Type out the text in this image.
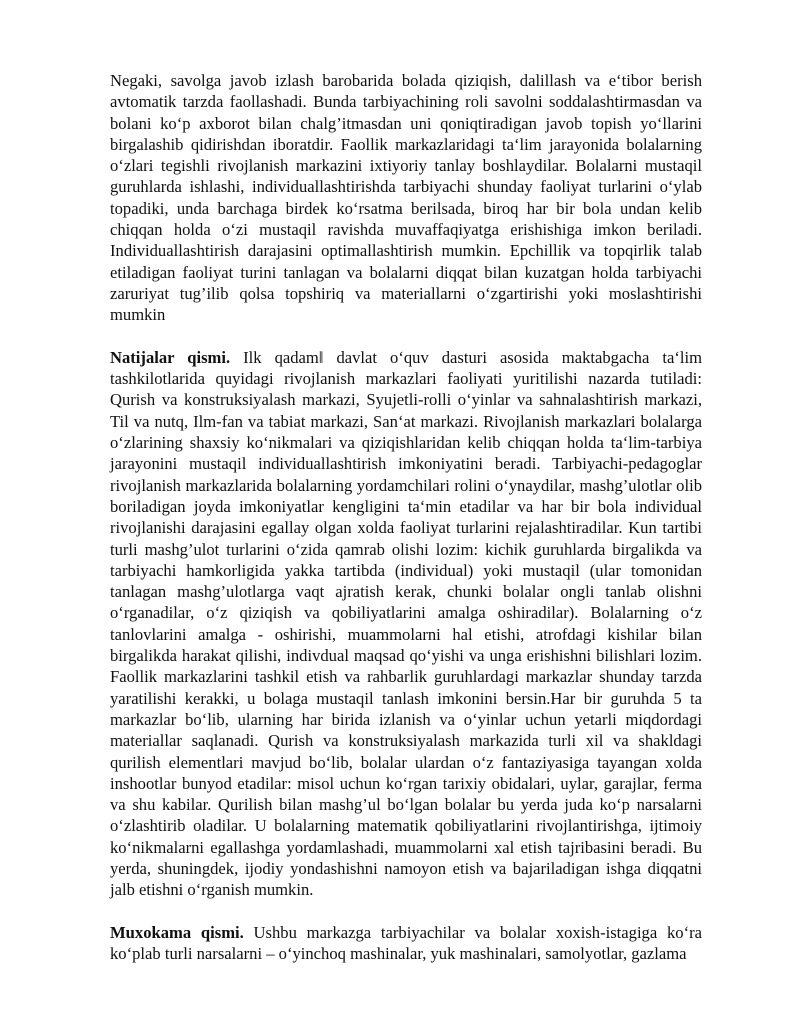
Negaki, savolga javob izlash barobarida bolada qiziqish, dalillash va e‘tibor berish avtomatik tarzda faollashadi. Bunda tarbiyachining roli savolni soddalashtirmasdan va bolani ko‘p axborot bilan chalg’itmasdan uni qoniqtiradigan javob topish yo‘llarini birgalashib qidirishdan iboratdir. Faollik markazlaridagi ta‘lim jarayonida bolalarning o‘zlari tegishli rivojlanish markazini ixtiyoriy tanlay boshlaydilar. Bolalarni mustaqil guruhlarda ishlashi, individuallashtirishda tarbiyachi shunday faoliyat turlarini o‘ylab topadiki, unda barchaga birdek ko‘rsatma berilsada, biroq har bir bola undan kelib chiqqan holda o‘zi mustaqil ravishda muvaffaqiyatga erishishiga imkon beriladi. Individuallashtirish darajasini optimallashtirish mumkin. Epchillik va topqirlik talab etiladigan faoliyat turini tanlagan va bolalarni diqqat bilan kuzatgan holda tarbiyachi zaruriyat tug’ilib qolsa topshiriq va materiallarni o‘zgartirishi yoki moslashtirishi mumkin

Natijalar qismi. Ilk qadam‖ davlat o‘quv dasturi asosida maktabgacha ta‘lim tashkilotlarida quyidagi rivojlanish markazlari faoliyati yuritilishi nazarda tutiladi: Qurish va konstruksiyalash markazi, Syujetli-rolli o‘yinlar va sahnalashtirish markazi, Til va nutq, Ilm-fan va tabiat markazi, San‘at markazi. Rivojlanish markazlari bolalarga o‘zlarining shaxsiy ko‘nikmalari va qiziqishlaridan kelib chiqqan holda ta‘lim-tarbiya jarayonini mustaqil individuallashtirish imkoniyatini beradi. Tarbiyachi-pedagoglar rivojlanish markazlarida bolalarning yordamchilari rolini o‘ynaydilar, mashg’ulotlar olib boriladigan joyda imkoniyatlar kengligini ta‘min etadilar va har bir bola individual rivojlanishi darajasini egallay olgan xolda faoliyat turlarini rejalashtiradilar. Kun tartibi turli mashg’ulot turlarini o‘zida qamrab olishi lozim: kichik guruhlarda birgalikda va tarbiyachi hamkorligida yakka tartibda (individual) yoki mustaqil (ular tomonidan tanlagan mashg’ulotlarga vaqt ajratish kerak, chunki bolalar ongli tanlab olishni o‘rganadilar, o‘z qiziqish va qobiliyatlarini amalga oshiradilar). Bolalarning o‘z tanlovlarini amalga - oshirishi, muammolarni hal etishi, atrofdagi kishilar bilan birgalikda harakat qilishi, indivdual maqsad qo‘yishi va unga erishishni bilishlari lozim. Faollik markazlarini tashkil etish va rahbarlik guruhlardagi markazlar shunday tarzda yaratilishi kerakki, u bolaga mustaqil tanlash imkonini bersin.Har bir guruhda 5 ta markazlar bo‘lib, ularning har birida izlanish va o‘yinlar uchun yetarli miqdordagi materiallar saqlanadi. Qurish va konstruksiyalash markazida turli xil va shakldagi qurilish elementlari mavjud bo‘lib, bolalar ulardan o‘z fantaziyasiga tayangan xolda inshootlar bunyod etadilar: misol uchun ko‘rgan tarixiy obidalari, uylar, garajlar, ferma va shu kabilar. Qurilish bilan mashg’ul bo‘lgan bolalar bu yerda juda ko‘p narsalarni o‘zlashtirib oladilar. U bolalarning matematik qobiliyatlarini rivojlantirishga, ijtimoiy ko‘nikmalarni egallashga yordamlashadi, muammolarni xal etish tajribasini beradi. Bu yerda, shuningdek, ijodiy yondashishni namoyon etish va bajariladigan ishga diqqatni jalb etishni o‘rganish mumkin.

Muxokama qismi. Ushbu markazga tarbiyachilar va bolalar xoxish-istagiga ko‘ra ko‘plab turli narsalarni – o‘yinchoq mashinalar, yuk mashinalari, samolyotlar, gazlama
